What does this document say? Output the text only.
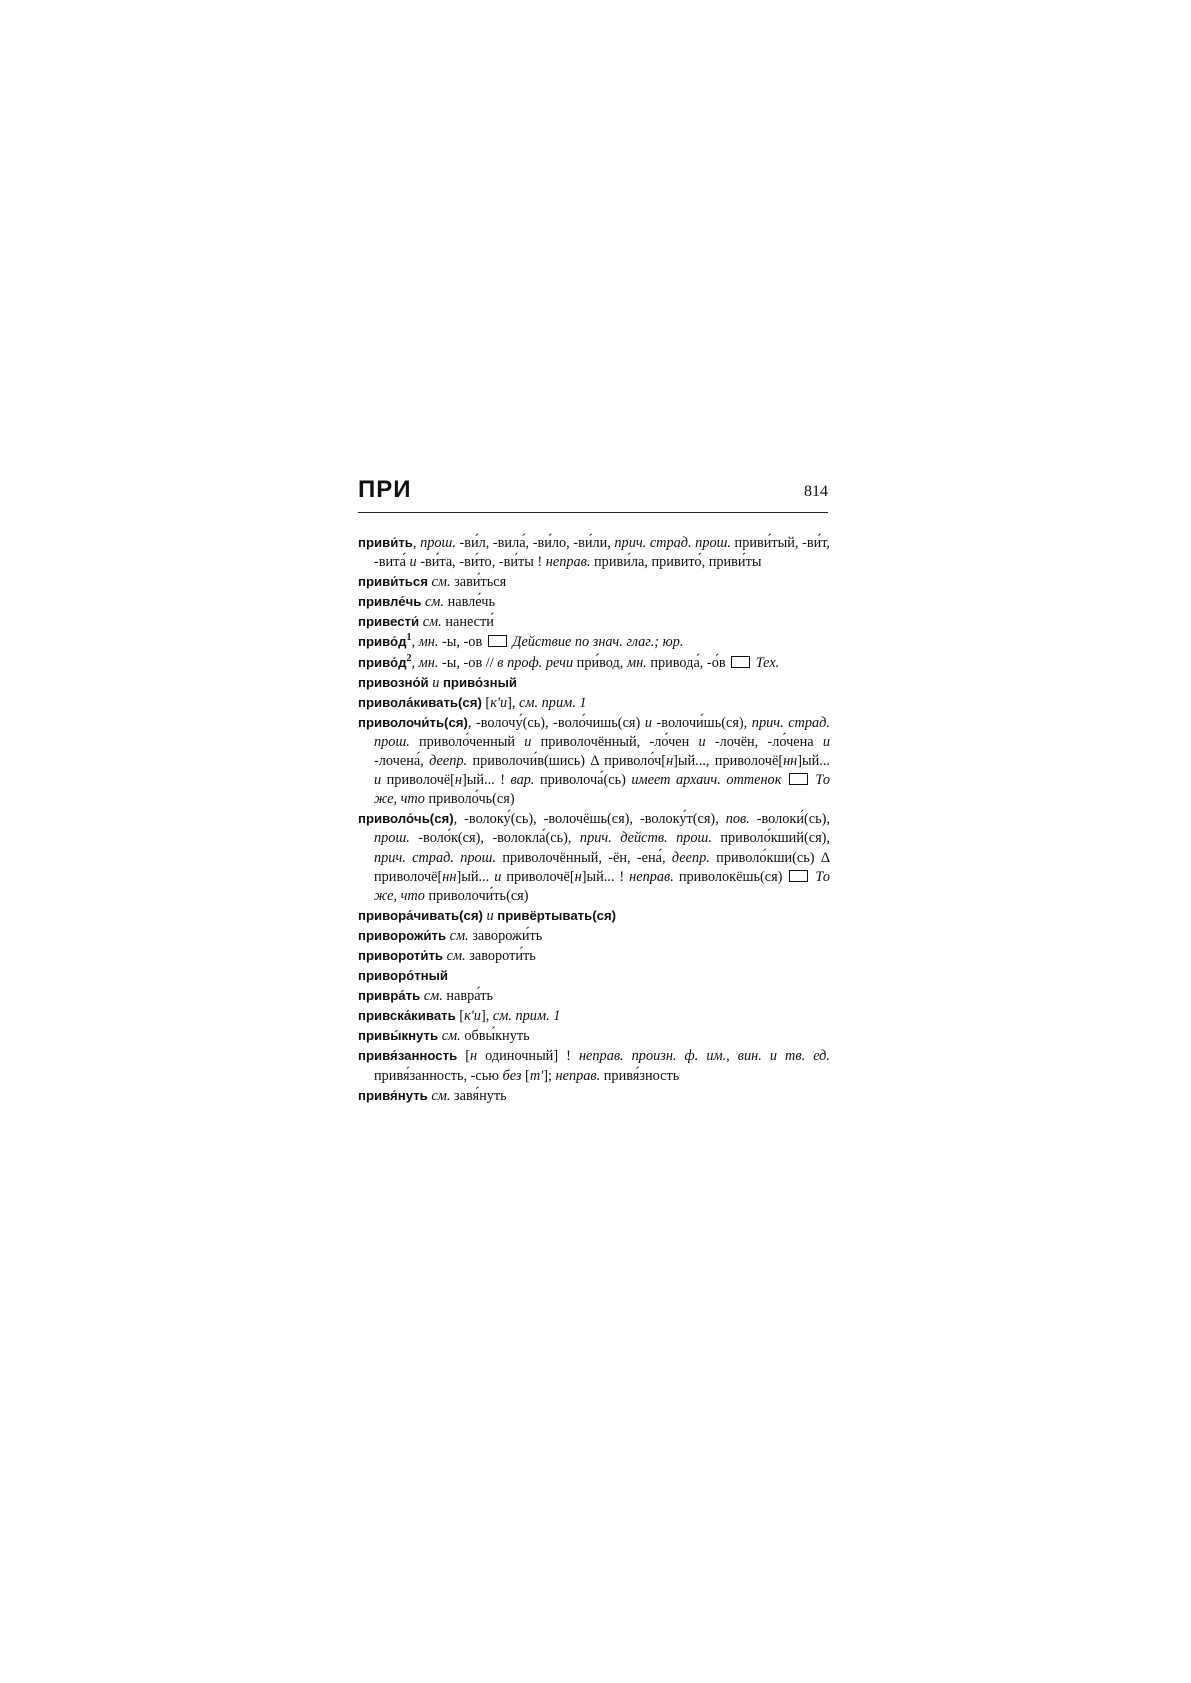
ПРИ	814
приви́ть, прош. -ви́л, -вила́, -ви́ло, -ви́ли, прич. страд. прош. приви́тый, -ви́т, -вита́ и -ви́та, -ви́то, -ви́ты ! неправ. приви́ла, привито́, приви́ты
приви́ться см. зави́ться
привле́чь см. навле́чь
привести́ см. нанести́
$приво́д^1$, мн. -ы, -ов  Действие по знач. глаг.; юр.
$приво́д^2$, мн. -ы, -ов // в проф. речи при́вод, мн. привода́, -о́в  Тех.
привозно́й и приво́зный
привола́кивать(ся) [к'и], см. прим. 1
приволочи́ть(ся), -волочу́(сь), -воло́чишь(ся) и -волочи́шь(ся), прич. страд. прош. приволо́ченный и приволочённый, -ло́чен и -лочён, -ло́чена и -лочена́, деепр. приволочи́в(шись) Δ приволо́ч[н]ый..., приволочё[нн]ый... и приволочё[н]ый... ! вар. приволоча́(сь) имеет архаич. оттенок То же, что приволо́чь(ся)
приволо́чь(ся), -волоку́(сь), -волочёшь(ся), -волоку́т(ся), пов. -волоки́(сь), прош. -воло́к(ся), -волокла́(сь), прич. действ. прош. приволо́кший(ся), прич. страд. прош. приволочённый, -ён, -ена́, деепр. приволо́кши(сь) Δ приволочё[нн]ый... и приволочё[н]ый... ! неправ. приволокёшь(ся)  То же, что приволочи́ть(ся)
привора́чивать(ся) и привёртывать(ся)
приворожи́ть см. заворожи́ть
привороти́ть см. завороти́ть
приворо́тный
привра́ть см. навра́ть
привска́кивать [к'и], см. прим. 1
привы́кнуть см. обвы́кнуть
привя́занность [н одиночный] ! неправ. произн. ф. им., вин. и тв. ед. привя́занность, -сью без [т']; неправ. привя́зность
привя́нуть см. завя́нуть
